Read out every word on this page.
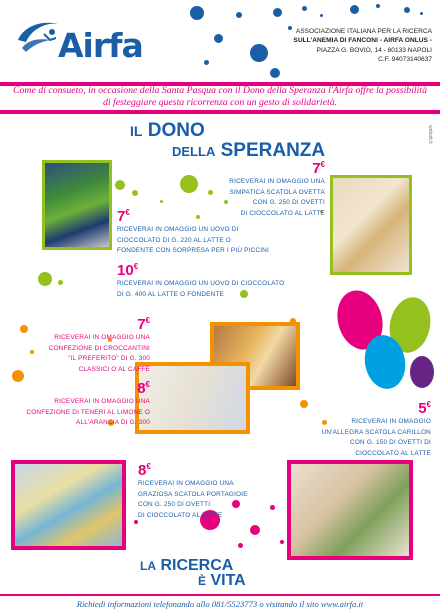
Airfa	ASSOCIAZIONE ITALIANA PER LA RICERCA
SULL'ANEMIA DI FANCONI - AIRFA ONLUS -
PIAZZA G. BOVIO, 14 - 80133 NAPOLI
C.F. 94073140637
Come di consueto, in occasione della Santa Pasqua con il Dono della Speranza l'Airfa offre la possibilità di festeggiare questa ricorrenza con un gesto di solidarietà.
webatt.it
IL DONO
DELLA SPERANZA
7€
RICEVERAI IN OMAGGIO UNA
SIMPATICA SCATOLA OVETTA
CON G. 250 DI OVETTI
DI CIOCCOLATO AL LATTE
7€
RICEVERAI IN OMAGGIO UN UOVO DI
CIOCCOLATO DI G. 220 AL LATTE O
FONDENTE CON SORPRESA PER I PIÙ PICCINI
10€
RICEVERAI IN OMAGGIO UN UOVO DI CIOCCOLATO
DI G. 400 AL LATTE O FONDENTE
7€
RICEVERAI IN OMAGGIO UNA
CONFEZIONE DI CROCCANTINI
"IL PREFERITO" DI G. 300
CLASSICI O AL CAFFÈ
8€
RICEVERAI IN OMAGGIO UNA
CONFEZIONE DI TENERI AL LIMONE O
ALL'ARANCIA DI G. 300
5€
RICEVERAI IN OMAGGIO
UN'ALLEGRA SCATOLA CARILLON
CON G. 150 DI OVETTI DI
CIOCCOLATO AL LATTE
8€
RICEVERAI IN OMAGGIO UNA
GRAZIOSA SCATOLA PORTAGIOIE
CON G. 250 DI OVETTI
DI CIOCCOLATO AL LATTE
LA RICERCA
È VITA
Richiedi informazioni telefonando allo 081/5523773 o visitando il sito www.airfa.it
